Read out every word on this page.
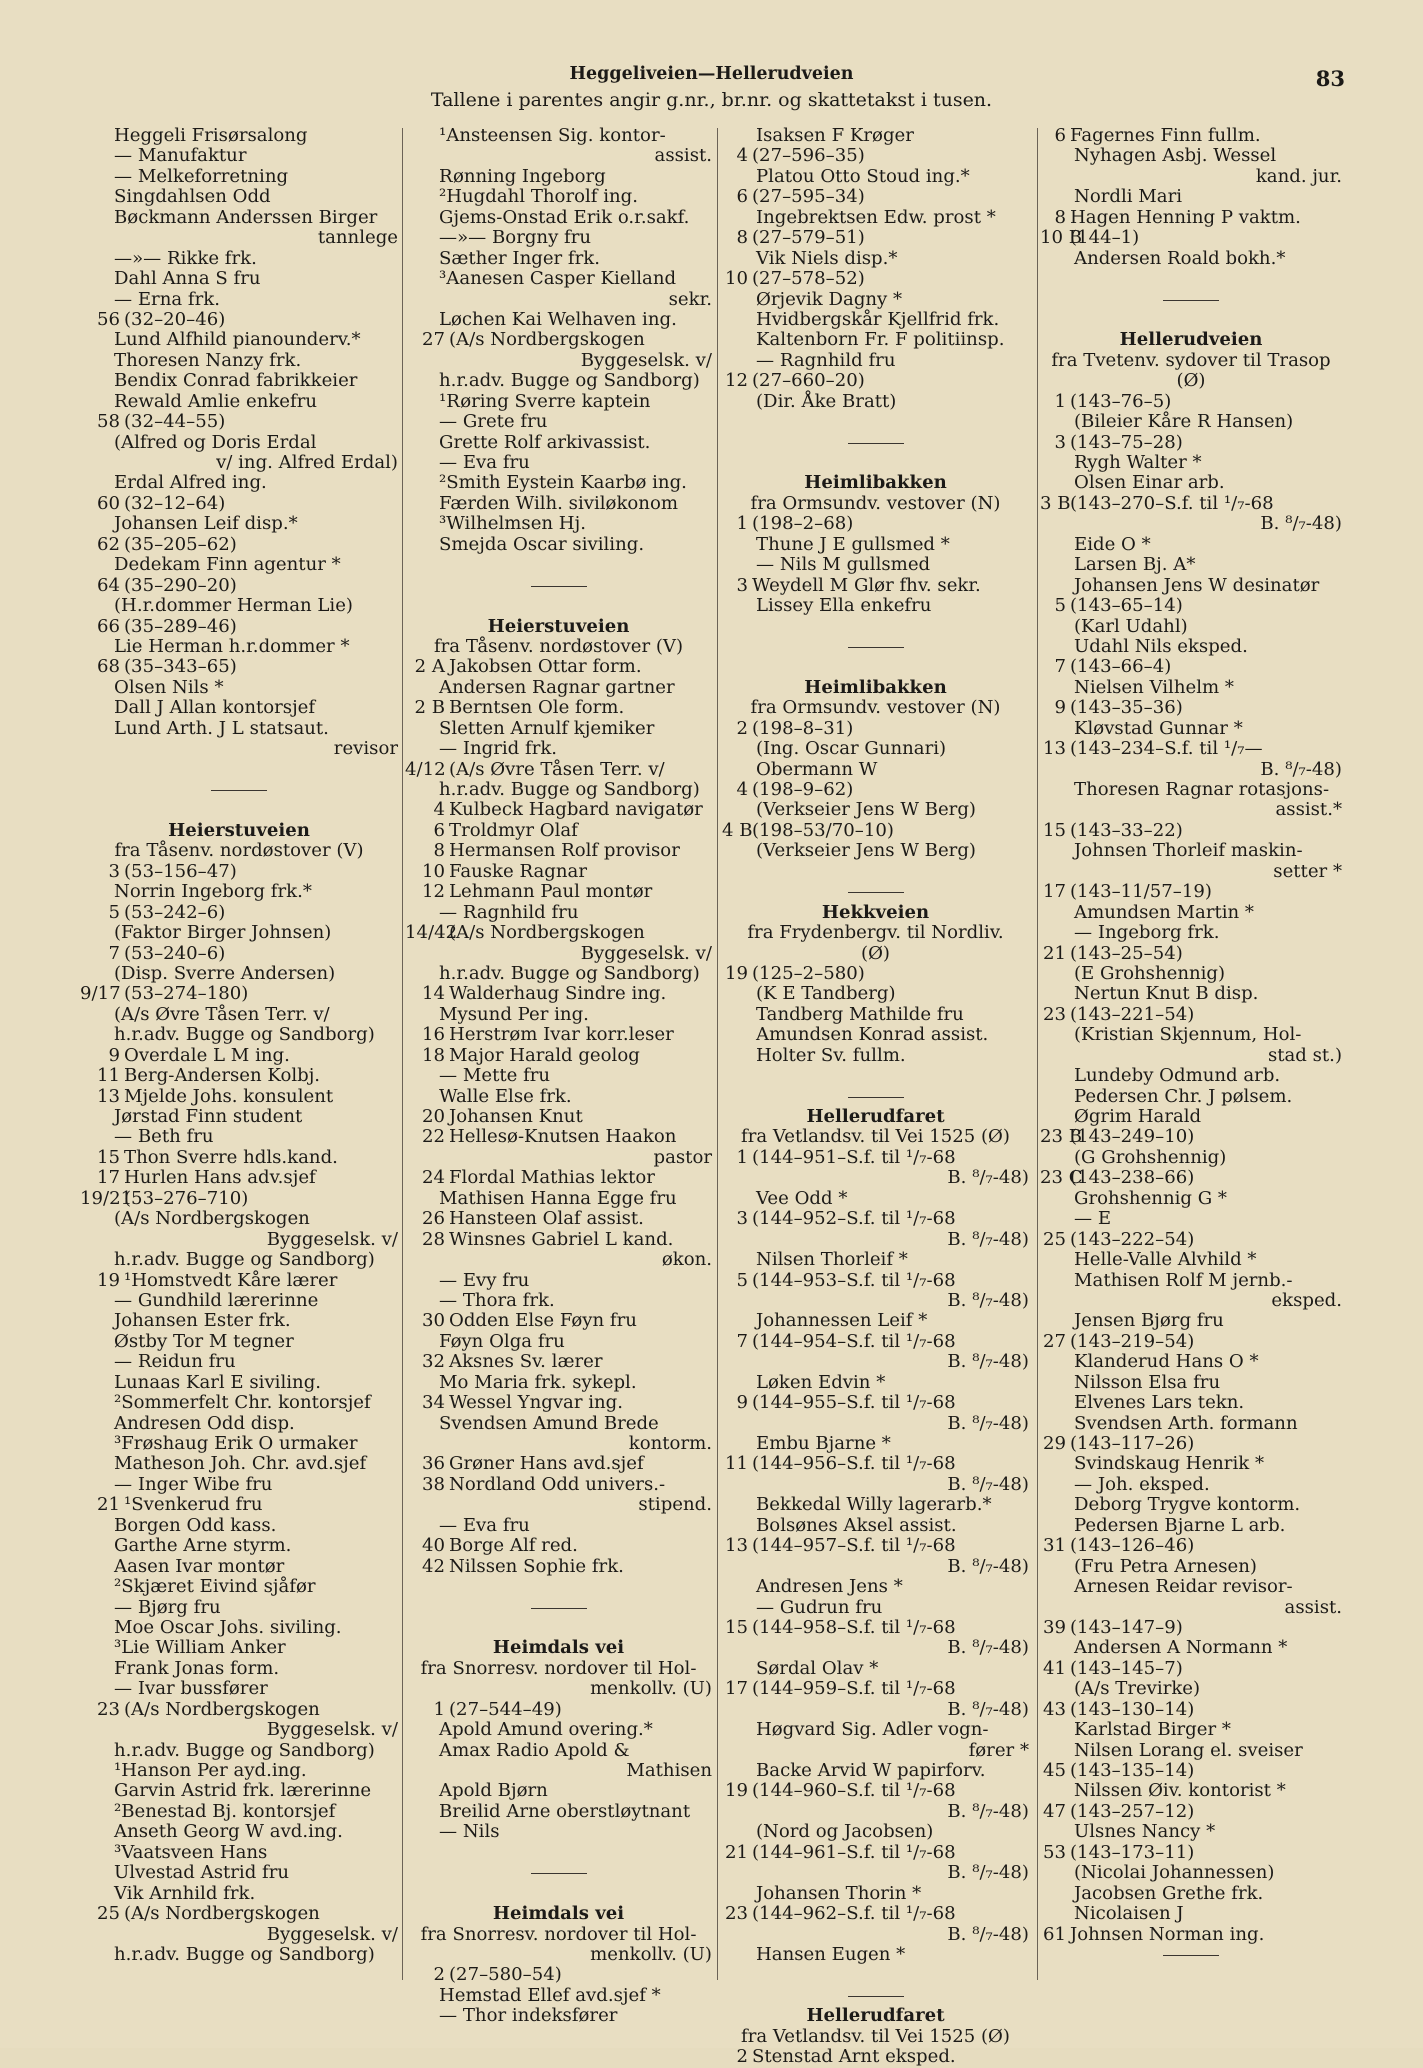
Heggeliveien—Hellerudveien
Tallene i parentes angir g.nr., br.nr. og skattetakst i tusen.
83
Heggeli Frisørsalong
— Manufaktur
— Melkeforretning
Singdahlsen Odd
Bøckmann Anderssen Birger
tannlege
—»— Rikke frk.
Dahl Anna S fru
— Erna frk.
56 (32–20–46)
Lund Alfhild pianounderv.*
Thoresen Nanzy frk.
Bendix Conrad fabrikkeier
Rewald Amlie enkefru
58 (32–44–55)
(Alfred og Doris Erdal
v/ ing. Alfred Erdal)
Erdal Alfred ing.
60 (32–12–64)
Johansen Leif disp.*
62 (35–205–62)
Dedekam Finn agentur *
64 (35–290–20)
(H.r.dommer Herman Lie)
66 (35–289–46)
Lie Herman h.r.dommer *
68 (35–343–65)
Olsen Nils *
Dall J Allan kontorsjef
Lund Arth. J L statsaut.
revisor
Heierstuveien
fra Tåsenv. nordøstover (V)
3 (53–156–47)
Norrin Ingeborg frk.*
5 (53–242–6)
(Faktor Birger Johnsen)
7 (53–240–6)
(Disp. Sverre Andersen)
9/17 (53–274–180)
(A/s Øvre Tåsen Terr. v/
h.r.adv. Bugge og Sandborg)
9 Overdale L M ing.
11 Berg-Andersen Kolbj.
13 Mjelde Johs. konsulent
Jørstad Finn student
— Beth fru
15 Thon Sverre hdls.kand.
17 Hurlen Hans adv.sjef
19/21
(53–276–710)
(A/s Nordbergskogen
Byggeselsk. v/
h.r.adv. Bugge og Sandborg)
19 ¹Homstvedt Kåre lærer
— Gundhild lærerinne
Johansen Ester frk.
Østby Tor M tegner
— Reidun fru
Lunaas Karl E siviling.
²Sommerfelt Chr. kontorsjef
Andresen Odd disp.
³Frøshaug Erik O urmaker
Matheson Joh. Chr. avd.sjef
— Inger Wibe fru
21 ¹Svenkerud fru
Borgen Odd kass.
Garthe Arne styrm.
Aasen Ivar montør
²Skjæret Eivind sjåfør
— Bjørg fru
Moe Oscar Johs. siviling.
³Lie William Anker
Frank Jonas form.
— Ivar bussfører
23 (A/s Nordbergskogen
Byggeselsk. v/
h.r.adv. Bugge og Sandborg)
¹Hanson Per ayd.ing.
Garvin Astrid frk. lærerinne
²Benestad Bj. kontorsjef
Anseth Georg W avd.ing.
³Vaatsveen Hans
Ulvestad Astrid fru
Vik Arnhild frk.
25 (A/s Nordbergskogen
Byggeselsk. v/
h.r.adv. Bugge og Sandborg)
¹Ansteensen Sig. kontor-
assist.
Rønning Ingeborg
²Hugdahl Thorolf ing.
Gjems-Onstad Erik o.r.sakf.
—»— Borgny fru
Sæther Inger frk.
³Aanesen Casper Kielland
sekr.
Løchen Kai Welhaven ing.
27 (A/s Nordbergskogen
Byggeselsk. v/
h.r.adv. Bugge og Sandborg)
¹Røring Sverre kaptein
— Grete fru
Grette Rolf arkivassist.
— Eva fru
²Smith Eystein Kaarbø ing.
Færden Wilh. siviløkonom
³Wilhelmsen Hj.
Smejda Oscar siviling.
Heierstuveien
fra Tåsenv. nordøstover (V)
2 A Jakobsen Ottar form.
Andersen Ragnar gartner
2 B Berntsen Ole form.
Sletten Arnulf kjemiker
— Ingrid frk.
4/12 (A/s Øvre Tåsen Terr. v/
h.r.adv. Bugge og Sandborg)
4 Kulbeck Hagbard navigatør
6 Troldmyr Olaf
8 Hermansen Rolf provisor
10 Fauske Ragnar
12 Lehmann Paul montør
— Ragnhild fru
14/42
(A/s Nordbergskogen
Byggeselsk. v/
h.r.adv. Bugge og Sandborg)
14 Walderhaug Sindre ing.
Mysund Per ing.
16 Herstrøm Ivar korr.leser
18 Major Harald geolog
— Mette fru
Walle Else frk.
20 Johansen Knut
22 Hellesø-Knutsen Haakon
pastor
24 Flordal Mathias lektor
Mathisen Hanna Egge fru
26 Hansteen Olaf assist.
28 Winsnes Gabriel L kand.
økon.
— Evy fru
— Thora frk.
30 Odden Else Føyn fru
Føyn Olga fru
32 Aksnes Sv. lærer
Mo Maria frk. sykepl.
34 Wessel Yngvar ing.
Svendsen Amund Brede
kontorm.
36 Grøner Hans avd.sjef
38 Nordland Odd univers.-
stipend.
— Eva fru
40 Borge Alf red.
42 Nilssen Sophie frk.
Heimdals vei
fra Snorresv. nordover til Hol-
menkollv. (U)
1 (27–544–49)
Apold Amund overing.*
Amax Radio Apold &
Mathisen
Apold Bjørn
Breilid Arne oberstløytnant
— Nils
Heimdals vei
fra Snorresv. nordover til Hol-
menkollv. (U)
2 (27–580–54)
Hemstad Ellef avd.sjef *
— Thor indeksfører
Isaksen F Krøger
4 (27–596–35)
Platou Otto Stoud ing.*
6 (27–595–34)
Ingebrektsen Edw. prost *
8 (27–579–51)
Vik Niels disp.*
10 (27–578–52)
Ørjevik Dagny *
Hvidbergskår Kjellfrid frk.
Kaltenborn Fr. F politiinsp.
— Ragnhild fru
12 (27–660–20)
(Dir. Åke Bratt)
Heimlibakken
fra Ormsundv. vestover (N)
1 (198–2–68)
Thune J E gullsmed *
— Nils M gullsmed
3 Weydell M Glør fhv. sekr.
Lissey Ella enkefru
Heimlibakken
fra Ormsundv. vestover (N)
2 (198–8–31)
(Ing. Oscar Gunnari)
Obermann W
4 (198–9–62)
(Verkseier Jens W Berg)
4 B (198–53/70–10)
(Verkseier Jens W Berg)
Hekkveien
fra Frydenbergv. til Nordliv.
(Ø)
19 (125–2–580)
(K E Tandberg)
Tandberg Mathilde fru
Amundsen Konrad assist.
Holter Sv. fullm.
Hellerudfaret
fra Vetlandsv. til Vei 1525 (Ø)
1 (144–951–S.f. til ¹/₇-68
B. ⁸/₇-48)
Vee Odd *
3 (144–952–S.f. til ¹/₇-68
B. ⁸/₇-48)
Nilsen Thorleif *
5 (144–953–S.f. til ¹/₇-68
B. ⁸/₇-48)
Johannessen Leif *
7 (144–954–S.f. til ¹/₇-68
B. ⁸/₇-48)
Løken Edvin *
9 (144–955–S.f. til ¹/₇-68
B. ⁸/₇-48)
Embu Bjarne *
11 (144–956–S.f. til ¹/₇-68
B. ⁸/₇-48)
Bekkedal Willy lagerarb.*
Bolsønes Aksel assist.
13 (144–957–S.f. til ¹/₇-68
B. ⁸/₇-48)
Andresen Jens *
— Gudrun fru
15 (144–958–S.f. til ¹/₇-68
B. ⁸/₇-48)
Sørdal Olav *
17 (144–959–S.f. til ¹/₇-68
B. ⁸/₇-48)
Høgvard Sig. Adler vogn-
fører *
Backe Arvid W papirforv.
19 (144–960–S.f. til ¹/₇-68
B. ⁸/₇-48)
(Nord og Jacobsen)
21 (144–961–S.f. til ¹/₇-68
B. ⁸/₇-48)
Johansen Thorin *
23 (144–962–S.f. til ¹/₇-68
B. ⁸/₇-48)
Hansen Eugen *
Hellerudfaret
fra Vetlandsv. til Vei 1525 (Ø)
2 Stenstad Arnt eksped.
6 Fagernes Finn fullm.
Nyhagen Asbj. Wessel
kand. jur.
Nordli Mari
8 Hagen Henning P vaktm.
10 B
(144–1)
Andersen Roald bokh.*
Hellerudveien
fra Tvetenv. sydover til Trasop
(Ø)
1 (143–76–5)
(Bileier Kåre R Hansen)
3 (143–75–28)
Rygh Walter *
Olsen Einar arb.
3 B (143–270–S.f. til ¹/₇-68
B. ⁸/₇-48)
Eide O *
Larsen Bj. A*
Johansen Jens W desinatør
5 (143–65–14)
(Karl Udahl)
Udahl Nils eksped.
7 (143–66–4)
Nielsen Vilhelm *
9 (143–35–36)
Kløvstad Gunnar *
13 (143–234–S.f. til ¹/₇—
B. ⁸/₇-48)
Thoresen Ragnar rotasjons-
assist.*
15 (143–33–22)
Johnsen Thorleif maskin-
setter *
17 (143–11/57–19)
Amundsen Martin *
— Ingeborg frk.
21 (143–25–54)
(E Grohshennig)
Nertun Knut B disp.
23 (143–221–54)
(Kristian Skjennum, Hol-
stad st.)
Lundeby Odmund arb.
Pedersen Chr. J pølsem.
Øgrim Harald
23 B
(143–249–10)
(G Grohshennig)
23 C
(143–238–66)
Grohshennig G *
— E
25 (143–222–54)
Helle-Valle Alvhild *
Mathisen Rolf M jernb.-
eksped.
Jensen Bjørg fru
27 (143–219–54)
Klanderud Hans O *
Nilsson Elsa fru
Elvenes Lars tekn.
Svendsen Arth. formann
29 (143–117–26)
Svindskaug Henrik *
— Joh. eksped.
Deborg Trygve kontorm.
Pedersen Bjarne L arb.
31 (143–126–46)
(Fru Petra Arnesen)
Arnesen Reidar revisor-
assist.
39 (143–147–9)
Andersen A Normann *
41 (143–145–7)
(A/s Trevirke)
43 (143–130–14)
Karlstad Birger *
Nilsen Lorang el. sveiser
45 (143–135–14)
Nilssen Øiv. kontorist *
47 (143–257–12)
Ulsnes Nancy *
53 (143–173–11)
(Nicolai Johannessen)
Jacobsen Grethe frk.
Nicolaisen J
61 Johnsen Norman ing.
